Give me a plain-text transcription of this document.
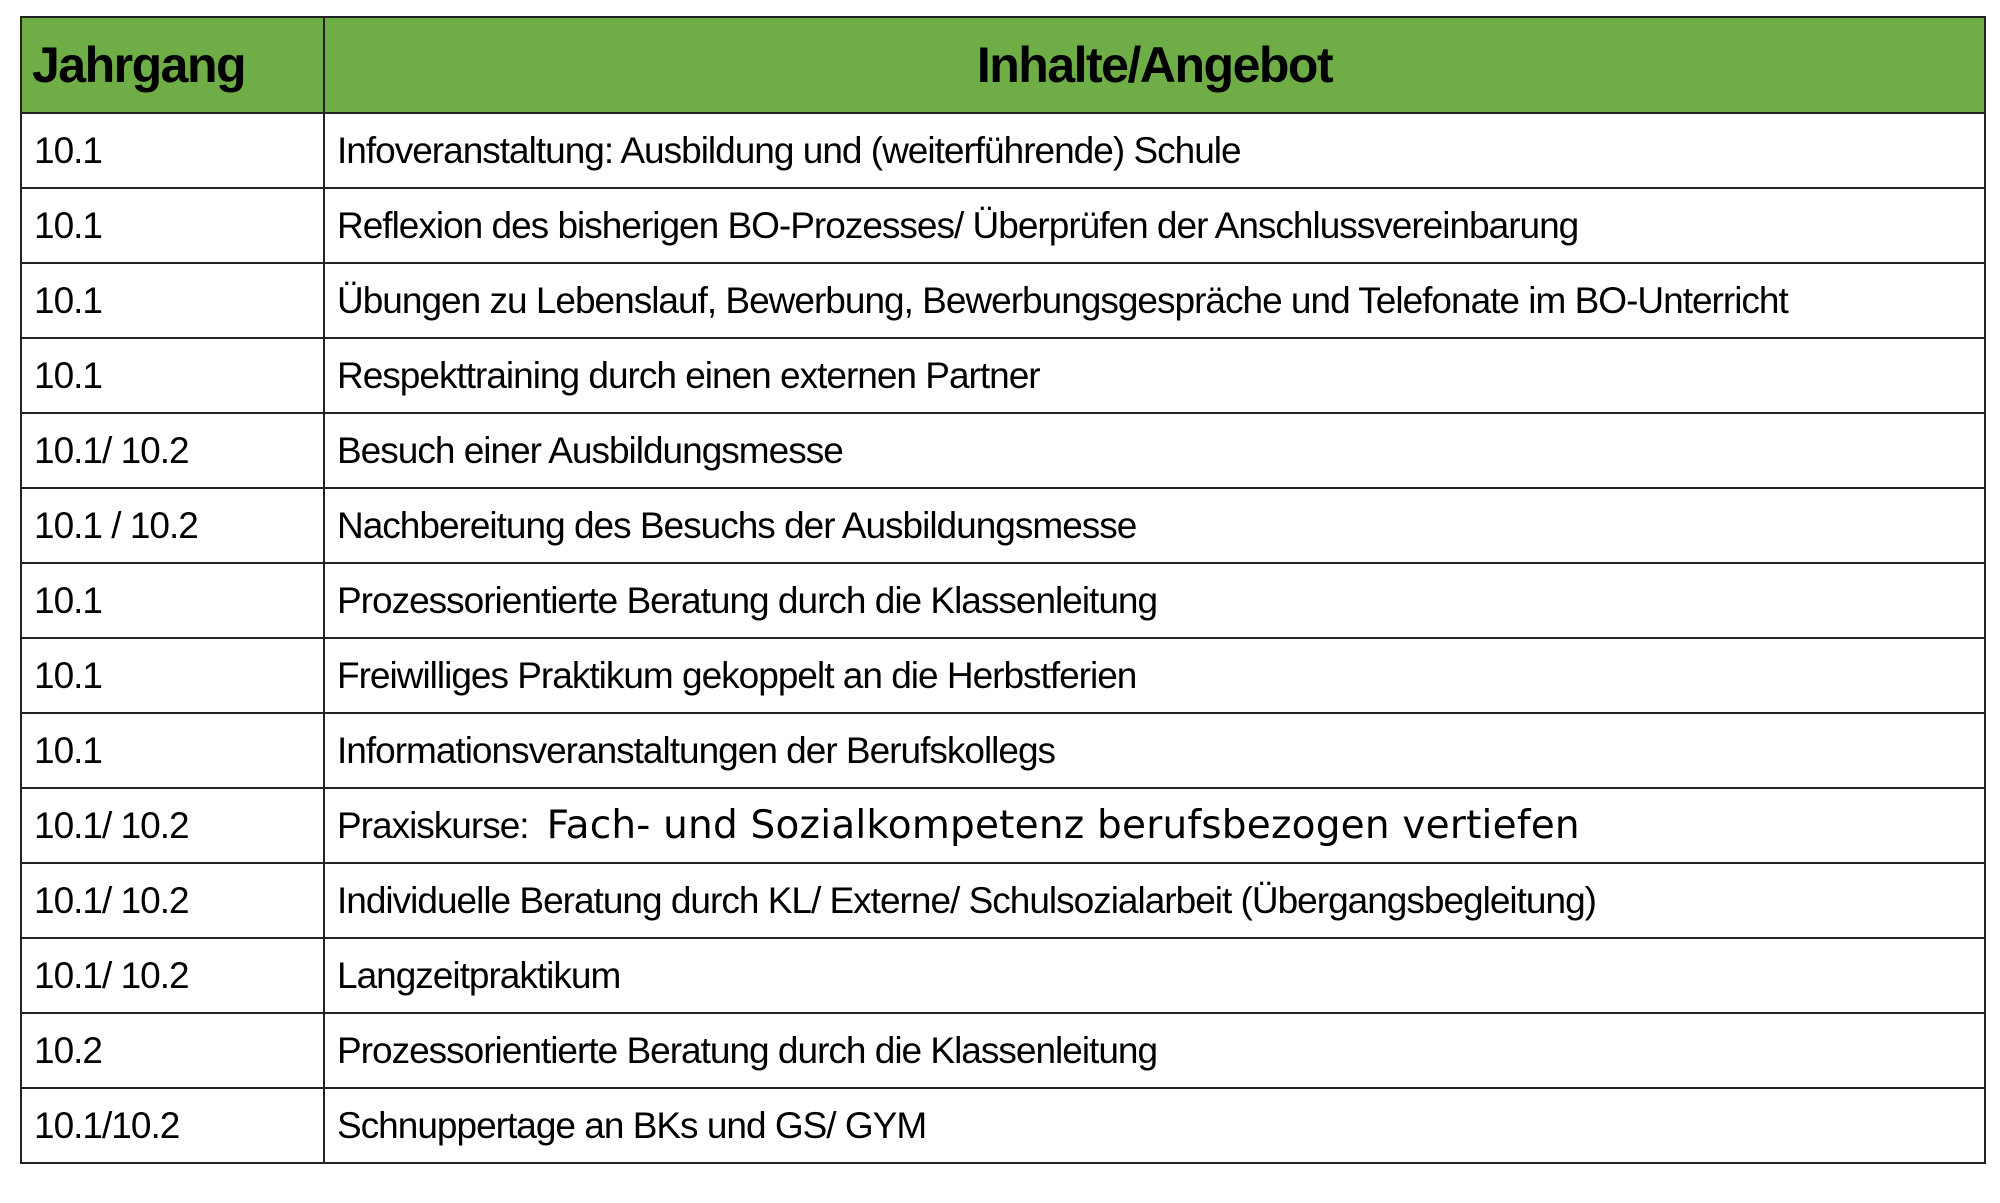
Jahrgang	Inhalte/Angebot
10.1	Infoveranstaltung: Ausbildung und (weiterführende) Schule
10.1	Reflexion des bisherigen BO-Prozesses/ Überprüfen der Anschlussvereinbarung
10.1	Übungen zu Lebenslauf, Bewerbung, Bewerbungsgespräche und Telefonate im BO-Unterricht
10.1	Respekttraining durch einen externen Partner
10.1/ 10.2	Besuch einer Ausbildungsmesse
10.1 / 10.2	Nachbereitung des Besuchs der Ausbildungsmesse
10.1	Prozessorientierte Beratung durch die Klassenleitung
10.1	Freiwilliges Praktikum gekoppelt an die Herbstferien
10.1	Informationsveranstaltungen der Berufskollegs
10.1/ 10.2	Praxiskurse: Fach- und Sozialkompetenz berufsbezogen vertiefen
10.1/ 10.2	Individuelle Beratung durch KL/ Externe/ Schulsozialarbeit (Übergangsbegleitung)
10.1/ 10.2	Langzeitpraktikum
10.2	Prozessorientierte Beratung durch die Klassenleitung
10.1/10.2	Schnuppertage an BKs und GS/ GYM
